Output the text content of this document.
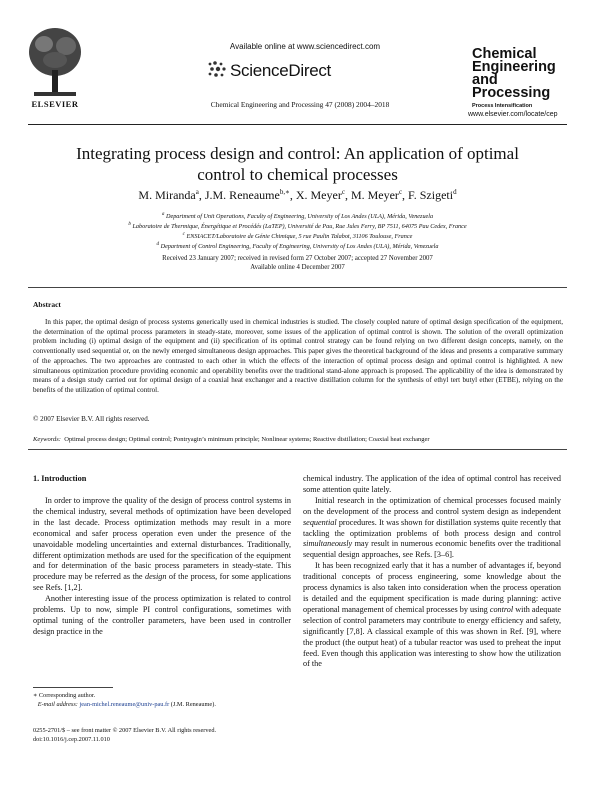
ELSEVIER
Available online at www.sciencedirect.com
ScienceDirect
Chemical Engineering and Processing 47 (2008) 2004–2018
Chemical
Engineering
and
Processing
Process Intensification
www.elsevier.com/locate/cep
Integrating process design and control: An application of optimal
control to chemical processes
M. Miranda$^a$, J.M. Reneaume$^{b,∗}$, X. Meyer$^c$, M. Meyer$^c$, F. Szigeti$^d$
$^a$ Department of Unit Operations, Faculty of Engineering, University of Los Andes (ULA), Mérida, Venezuela
$^b$ Laboratoire de Thermique, Énergétique et Procédés (LaTEP), Université de Pau, Rue Jules Ferry, BP 7511, 64075 Pau Cedex, France
$^c$ ENSIACET/Laboratoire de Génie Chimique, 5 rue Paulin Talabot, 31106 Toulouse, France
$^d$ Department of Control Engineering, Faculty of Engineering, University of Los Andes (ULA), Mérida, Venezuela
Received 23 January 2007; received in revised form 27 October 2007; accepted 27 November 2007
Available online 4 December 2007
Abstract
In this paper, the optimal design of process systems generically used in chemical industries is studied. The closely coupled nature of optimal design specification of the equipment, the determination of the optimal process parameters in steady-state, moreover, some issues of the application of optimal control is shown. The solution of the overall optimization problem including (i) optimal design of the equipment and (ii) specification of its optimal control strategy can be found relying on two different design concepts, namely, on the conventionally used sequential or, on the newly emerged simultaneous design approaches. This paper gives the theoretical background of the ideas and presents a comparative summary of the approaches. The two approaches are contrasted to each other in which the effects of the interaction of optimal process design and optimal control is highlighted. A new simultaneous optimization procedure providing economic and operability benefits over the traditional stand-alone approach is proposed. The applicability of the idea is demonstrated by means of a design study carried out for optimal design of a coaxial heat exchanger and a reactive distillation column for the synthesis of ethyl tert butyl ether (ETBE), relying on the benefits of the utilization of optimal control.
© 2007 Elsevier B.V. All rights reserved.
Keywords: Optimal process design; Optimal control; Pontryagin’s minimum principle; Nonlinear systems; Reactive distillation; Coaxial heat exchanger
1. Introduction

In order to improve the quality of the design of process control systems in the chemical industry, several methods of optimization have been developed in the last decade. Process optimization methods may result in a more economical and safer process operation even under the presence of the unavoidable modeling uncertainties and external disturbances. Traditionally, different optimization methods are used for the specification of the equipment and for determination of the basic process parameters in steady-state. This procedure may be referred as the design of the process, for some applications see Refs. [1,2].

Another interesting issue of the process optimization is related to control problems. Up to now, simple PI control configurations, sometimes with optimal tuning of the controller parameters, have been used in controller design practice in the

chemical industry. The application of the idea of optimal control has received some attention quite lately.

Initial research in the optimization of chemical processes focused mainly on the development of the process and control system design as independent sequential procedures. It was shown for distillation systems quite recently that tackling the optimization problems of both process design and control simultaneously may result in numerous economic benefits over the traditional sequential design approaches, see Refs. [3–6].

It has been recognized early that it has a number of advantages if, beyond traditional concepts of process engineering, some knowledge about the process dynamics is also taken into consideration when the process operation is detailed and the equipment specification is made during planning: active operational management of chemical processes by using control with adequate selection of control parameters may contribute to energy efficiency and safety, significantly [7,8]. A classical example of this was shown in Ref. [9], where the product (the output heat) of a tubular reactor was used to preheat the input feed. Even though this application was interesting to show how the utilization of the

∗ Corresponding author.
E-mail address: jean-michel.reneaume@univ-pau.fr (J.M. Reneaume).
0255-2701/$ – see front matter © 2007 Elsevier B.V. All rights reserved.
doi:10.1016/j.cep.2007.11.010
